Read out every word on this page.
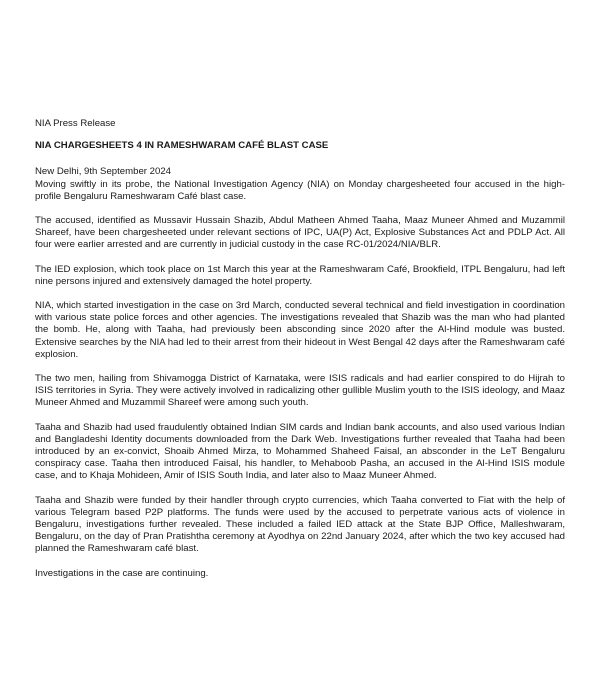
NIA Press Release
NIA CHARGESHEETS 4 IN RAMESHWARAM CAFÉ BLAST CASE
New Delhi, 9th September 2024

Moving swiftly in its probe, the National Investigation Agency (NIA) on Monday chargesheeted four accused in the high-profile Bengaluru Rameshwaram Café blast case.

The accused, identified as Mussavir Hussain Shazib, Abdul Matheen Ahmed Taaha, Maaz Muneer Ahmed and Muzammil Shareef, have been chargesheeted under relevant sections of IPC, UA(P) Act, Explosive Substances Act and PDLP Act. All four were earlier arrested and are currently in judicial custody in the case RC-01/2024/NIA/BLR.

The IED explosion, which took place on 1st March this year at the Rameshwaram Café, Brookfield, ITPL Bengaluru, had left nine persons injured and extensively damaged the hotel property.

NIA, which started investigation in the case on 3rd March, conducted several technical and field investigation in coordination with various state police forces and other agencies. The investigations revealed that Shazib was the man who had planted the bomb. He, along with Taaha, had previously been absconding since 2020 after the Al-Hind module was busted. Extensive searches by the NIA had led to their arrest from their hideout in West Bengal 42 days after the Rameshwaram café explosion.

The two men, hailing from Shivamogga District of Karnataka, were ISIS radicals and had earlier conspired to do Hijrah to ISIS territories in Syria. They were actively involved in radicalizing other gullible Muslim youth to the ISIS ideology, and Maaz Muneer Ahmed and Muzammil Shareef were among such youth.

Taaha and Shazib had used fraudulently obtained Indian SIM cards and Indian bank accounts, and also used various Indian and Bangladeshi Identity documents downloaded from the Dark Web. Investigations further revealed that Taaha had been introduced by an ex-convict, Shoaib Ahmed Mirza, to Mohammed Shaheed Faisal, an absconder in the LeT Bengaluru conspiracy case. Taaha then introduced Faisal, his handler, to Mehaboob Pasha, an accused in the Al-Hind ISIS module case, and to Khaja Mohideen, Amir of ISIS South India, and later also to Maaz Muneer Ahmed.

Taaha and Shazib were funded by their handler through crypto currencies, which Taaha converted to Fiat with the help of various Telegram based P2P platforms. The funds were used by the accused to perpetrate various acts of violence in Bengaluru, investigations further revealed. These included a failed IED attack at the State BJP Office, Malleshwaram, Bengaluru, on the day of Pran Pratishtha ceremony at Ayodhya on 22nd January 2024, after which the two key accused had planned the Rameshwaram café blast.

Investigations in the case are continuing.
